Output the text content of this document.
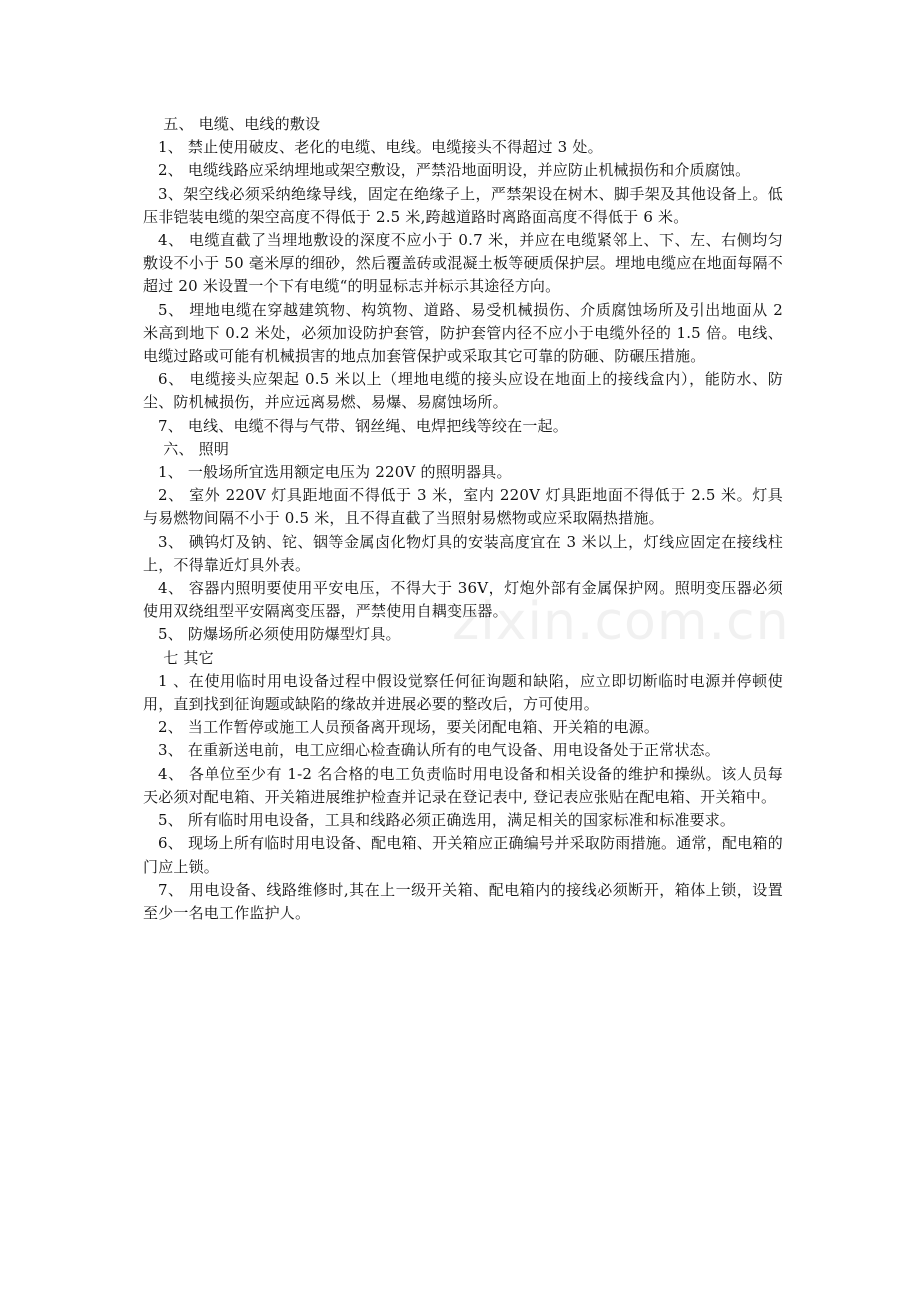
五、 电缆、电线的敷设

1、 禁止使用破皮、老化的电缆、电线。电缆接头不得超过 3 处。

2、 电缆线路应采纳埋地或架空敷设，严禁沿地面明设，并应防止机械损伤和介质腐蚀。

3、架空线必须采纳绝缘导线，固定在绝缘子上，严禁架设在树木、脚手架及其他设备上。低压非铠装电缆的架空高度不得低于 2.5 米,跨越道路时离路面高度不得低于 6 米。

4、 电缆直截了当埋地敷设的深度不应小于 0.7 米，并应在电缆紧邻上、下、左、右侧均匀敷设不小于 50 毫米厚的细砂，然后覆盖砖或混凝土板等硬质保护层。埋地电缆应在地面每隔不超过 20 米设置一个下有电缆“的明显标志并标示其途径方向。

5、 埋地电缆在穿越建筑物、构筑物、道路、易受机械损伤、介质腐蚀场所及引出地面从 2 米高到地下 0.2 米处，必须加设防护套管，防护套管内径不应小于电缆外径的 1.5 倍。电线、电缆过路或可能有机械损害的地点加套管保护或采取其它可靠的防砸、防碾压措施。

6、 电缆接头应架起 0.5 米以上（埋地电缆的接头应设在地面上的接线盒内），能防水、防尘、防机械损伤，并应远离易燃、易爆、易腐蚀场所。

7、 电线、电缆不得与气带、钢丝绳、电焊把线等绞在一起。

六、 照明

1、 一般场所宜选用额定电压为 220V 的照明器具。

2、 室外 220V 灯具距地面不得低于 3 米，室内 220V 灯具距地面不得低于 2.5 米。灯具与易燃物间隔不小于 0.5 米，且不得直截了当照射易燃物或应采取隔热措施。

3、 碘钨灯及钠、铊、铟等金属卤化物灯具的安装高度宜在 3 米以上，灯线应固定在接线柱上，不得靠近灯具外表。

4、 容器内照明要使用平安电压，不得大于 36V，灯炮外部有金属保护网。照明变压器必须使用双绕组型平安隔离变压器，严禁使用自耦变压器。

5、 防爆场所必须使用防爆型灯具。

七 其它

1 、在使用临时用电设备过程中假设觉察任何征询题和缺陷，应立即切断临时电源并停顿使用，直到找到征询题或缺陷的缘故并进展必要的整改后，方可使用。

2、 当工作暂停或施工人员预备离开现场，要关闭配电箱、开关箱的电源。

3、 在重新送电前，电工应细心检查确认所有的电气设备、用电设备处于正常状态。

4、 各单位至少有 1-2 名合格的电工负责临时用电设备和相关设备的维护和操纵。该人员每天必须对配电箱、开关箱进展维护检查并记录在登记表中, 登记表应张贴在配电箱、开关箱中。

5、 所有临时用电设备，工具和线路必须正确选用，满足相关的国家标准和标准要求。

6、 现场上所有临时用电设备、配电箱、开关箱应正确编号并采取防雨措施。通常，配电箱的门应上锁。

7、 用电设备、线路维修时,其在上一级开关箱、配电箱内的接线必须断开，箱体上锁，设置至少一名电工作监护人。

zixin.com.cn
